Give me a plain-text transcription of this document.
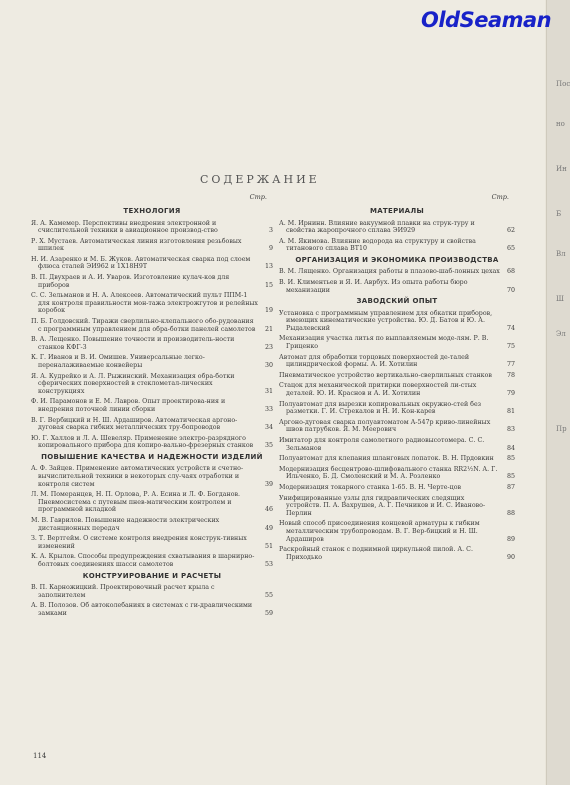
Пос
но
Ин
Б
Вл
Ш
Эл
Пр
OldSeaman
СОДЕРЖАНИЕ
Стр.
ТЕХНОЛОГИЯ
Я. А. Камемер. Перспективы внедрения электронной и счислительной техники в авиационное производ-ство	3
Р. Х. Мустаев. Автоматическая линия изготовления резьбовых шпилек	9
Н. И. Азаренко и М. Б. Жуков. Автоматическая сварка под слоем флюса сталей ЭИ962 и 1Х18Н9Т	13
В. П. Двухраев и А. И. Уваров. Изготовление кулач-ков для приборов	15
С. С. Зельманов и Н. А. Алексеев. Автоматический пульт ППМ-1 для контроля правильности мон-тажа электрожгутов и релейных коробок	19
П. Б. Голдовский. Тиражи сверлильно-клепального обо-рудования с программным управлением для обра-ботки панелей самолетов 21
В. А. Лещенко. Повышение точности и производитель-ности станков КФГ-3	23
К. Г. Иванов и В. И. Омишев. Универсальные легко-переналаживаемые конвейеры	30
Я. А. Кудрейко и А. Л. Рыжинский. Механизация обра-ботки сферических поверхностей в стеклометал-лических конструкциях	31
Ф. И. Парамонов и Е. М. Лавров. Опыт проектирова-ния и внедрения поточной линии сборки	33
В. Г. Вербицкий и Н. Ш. Ардаширов. Автоматическая аргоно-дуговая сварка гибких металлических тру-бопроводов	34
Ю. Г. Халлов и Л. А. Шевеляр. Применение электро-разрядного копировального прибора для копиро-вально-фрезерных станков 35
ПОВЫШЕНИЕ КАЧЕСТВА И НАДЕЖНОСТИ ИЗДЕЛИЙ
А. Ф. Зайцев. Применение автоматических устройств и счетно-вычислительной техники в некоторых слу-чаях отработки и контроля систем	39
Л. М. Померанцев, Н. П. Орлова, Р. А. Есина и Л. Ф. Богданов. Пневмосистема с путевым пнев-матическим контролем и программной вкладкой	46
М. В. Гаврилов. Повышение надежности электрических дистанционных передач	49
З. Т. Вертгейм. О системе контроля внедрения конструк-тивных изменений	51
К. А. Крылов. Способы предупреждения схватывания в шарнирно-болтовых соединениях шасси самолетов	53
КОНСТРУИРОВАНИЕ И РАСЧЕТЫ
В. П. Карножицкий. Проектировочный расчет крыла с заполнителем	55
А. В. Полозов. Об автоколебаниях в системах с ги-дравлическими замками	59
Стр.
МАТЕРИАЛЫ
А. М. Ирнинн. Влияние вакуумной плавки на струк-туру и свойства жаропрочного сплава ЭИ929	62
А. М. Якимова. Влияние водорода на структуру и свойства титанового сплава ВТ10	65
ОРГАНИЗАЦИЯ И ЭКОНОМИКА ПРОИЗВОДСТВА
В. М. Лященко. Организация работы в плазово-шаб-лонных цехах 68
В. И. Климентьев и Я. И. Аврбух. Из опыта работы бюро механизации	70
ЗАВОДСКИЙ ОПЫТ
Установка с программным управлением для обкатки приборов, имеющих кинематические устройства. Ю. Д. Батов и Ю. А. Рыдалевский	74
Механизация участка литья по выплавляемым моде-лям. Р. В. Гриценко	75
Автомат для обработки торцовых поверхностей де-талей цилиндрической формы. А. И. Хотилин	77
Пневматическое устройство вертикально-сверлильных станков 78
Стацок для механической притирки поверхностей ли-стых деталей. Ю. И. Краснов и А. И. Хотилин	79
Полуавтомат для вырезки копировальных окружно-стей без разметки. Г. И. Стрекалов и Н. И. Кон-карев	81
Аргоно-дуговая сварка полуавтоматом А-547р криво-линейных швов патрубков. Я. М. Меерович	83
Имитатор для контроля самолетного радиовысотомера. С. С. Зельманов	84
Полуавтомат для клепания шланговых лопаток. В. Н. Прдовкин 85
Модернизация бесцентрово-шлифовального станка RR2½N. А. Г. Ильченко, Б. Д. Смоленский и М. А. Розленко	85
Модернизация токарного станка 1-65. В. Н. Черте-цов	87
Унифицированные узлы для гидравлических следящих устройств. П. А. Вахрушев, А. Г. Печников и И. С. Иваново-Перлин	88
Новый способ присоединения концевой арматуры к гибким металлическим трубопроводам. В. Г. Вер-бицкий и Н. Ш. Ардаширов	89
Раскройный станок с поднимной циркульной пилой. А. С. Приходько	90
114
